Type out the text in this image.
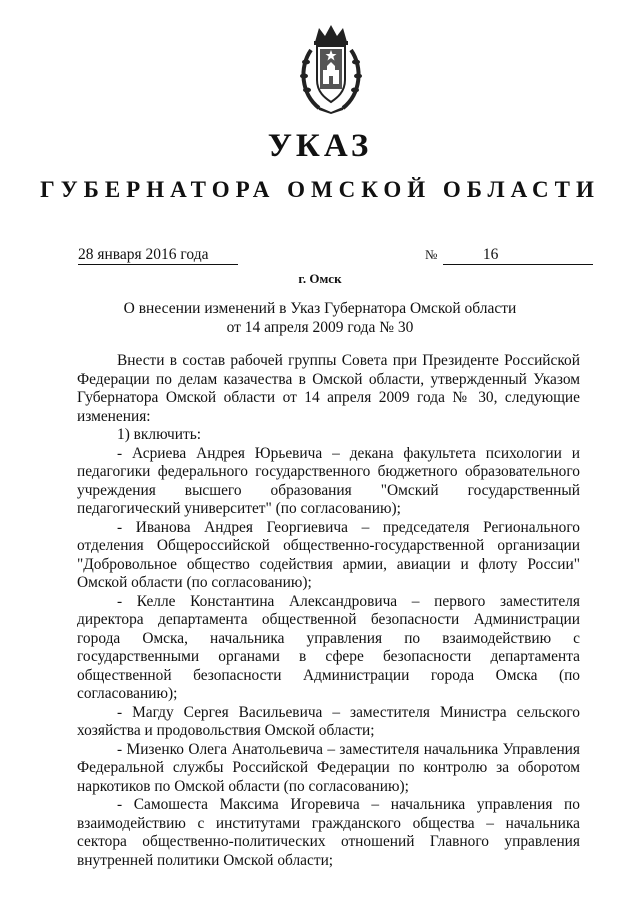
УКАЗ
ГУБЕРНАТОРА ОМСКОЙ ОБЛАСТИ
28 января 2016 года	№	16
г. Омск
О внесении изменений в Указ Губернатора Омской области
от 14 апреля 2009 года № 30

Внести в состав рабочей группы Совета при Президенте Российской Федерации по делам казачества в Омской области, утвержденный Указом Губернатора Омской области от 14 апреля 2009 года № 30, следующие изменения:

1) включить:

- Асриева Андрея Юрьевича – декана факультета психологии и педагогики федерального государственного бюджетного образовательного учреждения высшего образования "Омский государственный педагогический университет" (по согласованию);

- Иванова Андрея Георгиевича – председателя Регионального отделения Общероссийской общественно-государственной организации "Добровольное общество содействия армии, авиации и флоту России" Омской области (по согласованию);

- Келле Константина Александровича – первого заместителя директора департамента общественной безопасности Администрации города Омска, начальника управления по взаимодействию с государственными органами в сфере безопасности департамента общественной безопасности Администрации города Омска (по согласованию);

- Магду Сергея Васильевича – заместителя Министра сельского хозяйства и продовольствия Омской области;

- Мизенко Олега Анатольевича – заместителя начальника Управления Федеральной службы Российской Федерации по контролю за оборотом наркотиков по Омской области (по согласованию);

- Самошеста Максима Игоревича – начальника управления по взаимодействию с институтами гражданского общества – начальника сектора общественно-политических отношений Главного управления внутренней политики Омской области;
